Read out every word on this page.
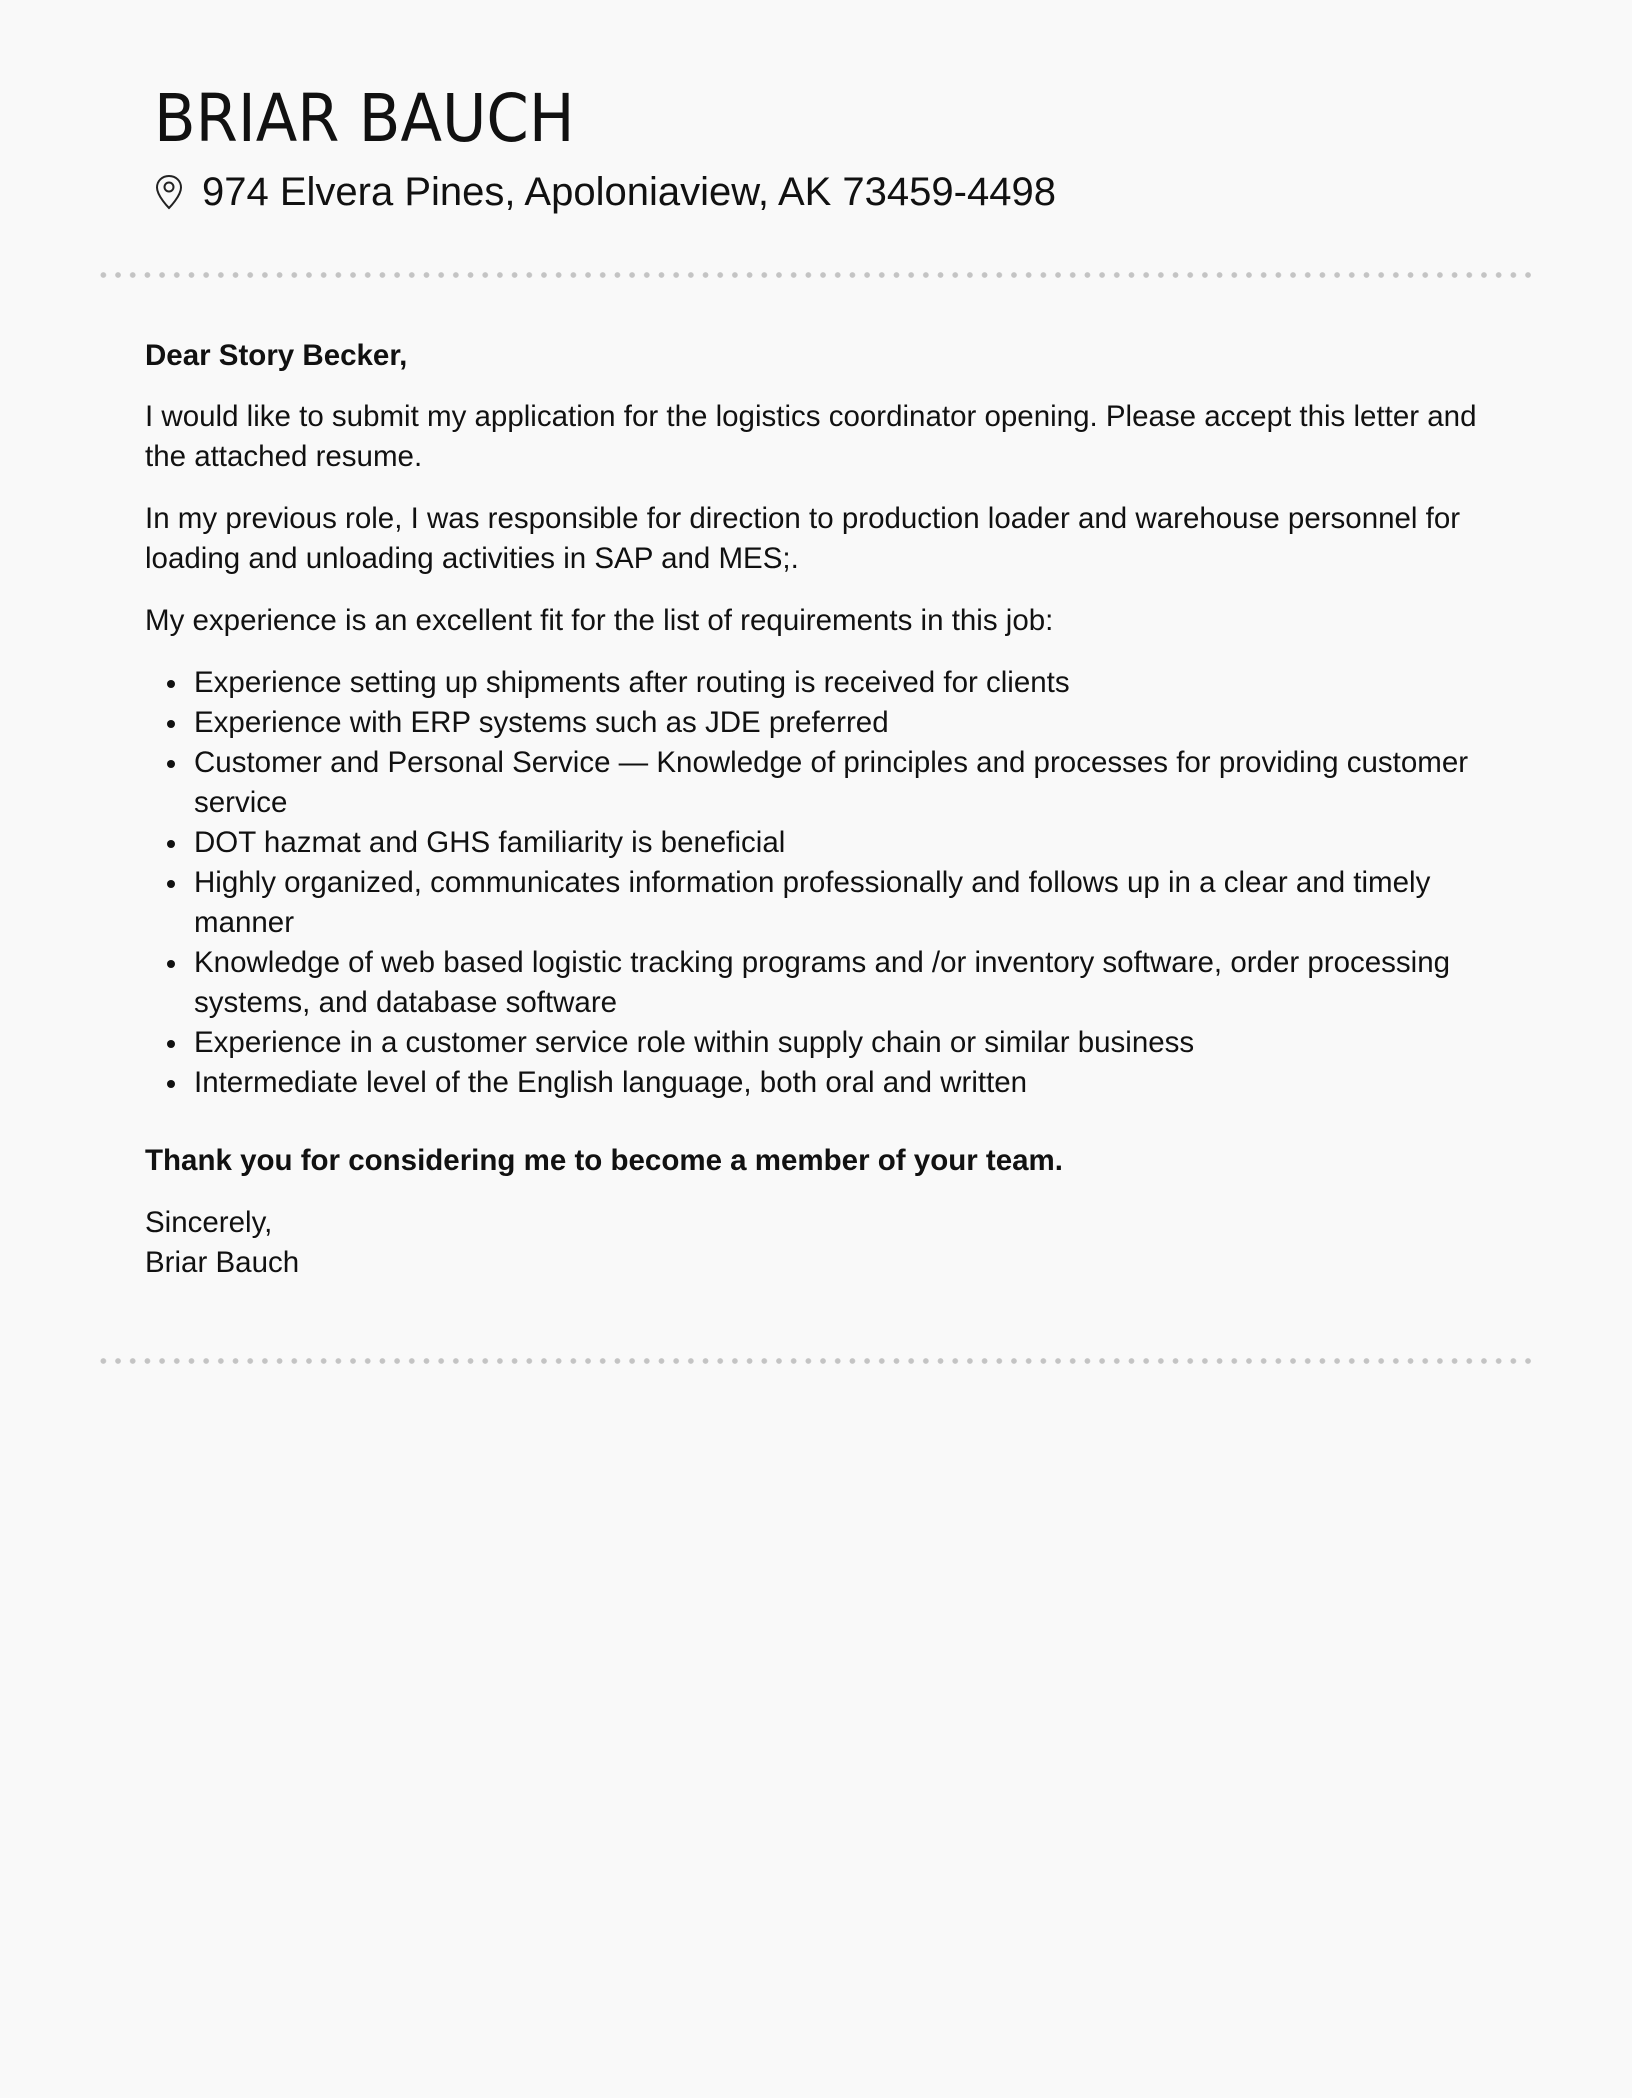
BRIAR BAUCH
974 Elvera Pines, Apoloniaview, AK 73459-4498

Dear Story Becker,

I would like to submit my application for the logistics coordinator opening. Please accept this letter and the attached resume.

In my previous role, I was responsible for direction to production loader and warehouse personnel for loading and unloading activities in SAP and MES;.

My experience is an excellent fit for the list of requirements in this job:

Experience setting up shipments after routing is received for clients
Experience with ERP systems such as JDE preferred
Customer and Personal Service — Knowledge of principles and processes for providing customer service
DOT hazmat and GHS familiarity is beneficial
Highly organized, communicates information professionally and follows up in a clear and timely manner
Knowledge of web based logistic tracking programs and /or inventory software, order processing systems, and database software
Experience in a customer service role within supply chain or similar business
Intermediate level of the English language, both oral and written

Thank you for considering me to become a member of your team.

Sincerely,

Briar Bauch
